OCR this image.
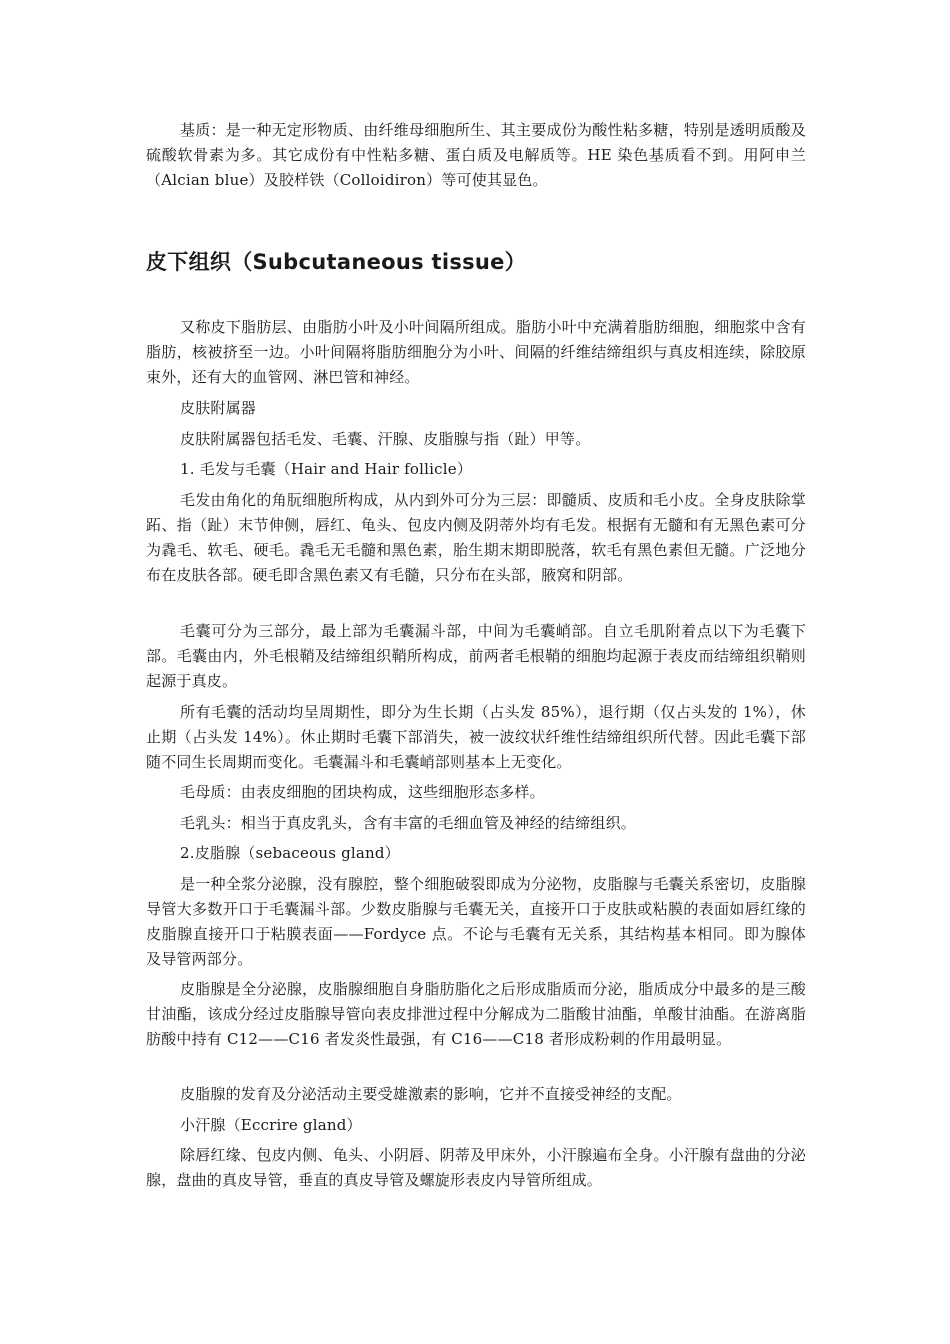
基质：是一种无定形物质、由纤维母细胞所生、其主要成份为酸性粘多糖，特别是透明质酸及硫酸软骨素为多。其它成份有中性粘多糖、蛋白质及电解质等。HE 染色基质看不到。用阿申兰（Alcian blue）及胶样铁（Colloidiron）等可使其显色。

皮下组织（Subcutaneous tissue）

又称皮下脂肪层、由脂肪小叶及小叶间隔所组成。脂肪小叶中充满着脂肪细胞，细胞浆中含有脂肪，核被挤至一边。小叶间隔将脂肪细胞分为小叶、间隔的纤维结缔组织与真皮相连续，除胶原束外，还有大的血管网、淋巴管和神经。

皮肤附属器

皮肤附属器包括毛发、毛囊、汗腺、皮脂腺与指（趾）甲等。

1. 毛发与毛囊（Hair and Hair follicle）

毛发由角化的角朊细胞所构成，从内到外可分为三层：即髓质、皮质和毛小皮。全身皮肤除掌跖、指（趾）末节伸侧，唇红、龟头、包皮内侧及阴蒂外均有毛发。根据有无髓和有无黑色素可分为毳毛、软毛、硬毛。毳毛无毛髓和黑色素，胎生期末期即脱落，软毛有黑色素但无髓。广泛地分布在皮肤各部。硬毛即含黑色素又有毛髓，只分布在头部，腋窝和阴部。

毛囊可分为三部分，最上部为毛囊漏斗部，中间为毛囊峭部。自立毛肌附着点以下为毛囊下部。毛囊由内，外毛根鞘及结缔组织鞘所构成，前两者毛根鞘的细胞均起源于表皮而结缔组织鞘则起源于真皮。

所有毛囊的活动均呈周期性，即分为生长期（占头发 85%），退行期（仅占头发的 1%），休止期（占头发 14%）。休止期时毛囊下部消失，被一波纹状纤维性结缔组织所代替。因此毛囊下部随不同生长周期而变化。毛囊漏斗和毛囊峭部则基本上无变化。

毛母质：由表皮细胞的团块构成，这些细胞形态多样。

毛乳头：相当于真皮乳头，含有丰富的毛细血管及神经的结缔组织。

2.皮脂腺（sebaceous gland）

是一种全浆分泌腺，没有腺腔，整个细胞破裂即成为分泌物，皮脂腺与毛囊关系密切，皮脂腺导管大多数开口于毛囊漏斗部。少数皮脂腺与毛囊无关，直接开口于皮肤或粘膜的表面如唇红缘的皮脂腺直接开口于粘膜表面——Fordyce 点。不论与毛囊有无关系，其结构基本相同。即为腺体及导管两部分。

皮脂腺是全分泌腺，皮脂腺细胞自身脂肪脂化之后形成脂质而分泌，脂质成分中最多的是三酸甘油酯，该成分经过皮脂腺导管向表皮排泄过程中分解成为二脂酸甘油酯，单酸甘油酯。在游离脂肪酸中持有 C12——C16 者发炎性最强，有 C16——C18 者形成粉刺的作用最明显。

皮脂腺的发育及分泌活动主要受雄激素的影响，它并不直接受神经的支配。

小汗腺（Eccrire gland）

除唇红缘、包皮内侧、龟头、小阴唇、阴蒂及甲床外，小汗腺遍布全身。小汗腺有盘曲的分泌腺，盘曲的真皮导管，垂直的真皮导管及螺旋形表皮内导管所组成。
